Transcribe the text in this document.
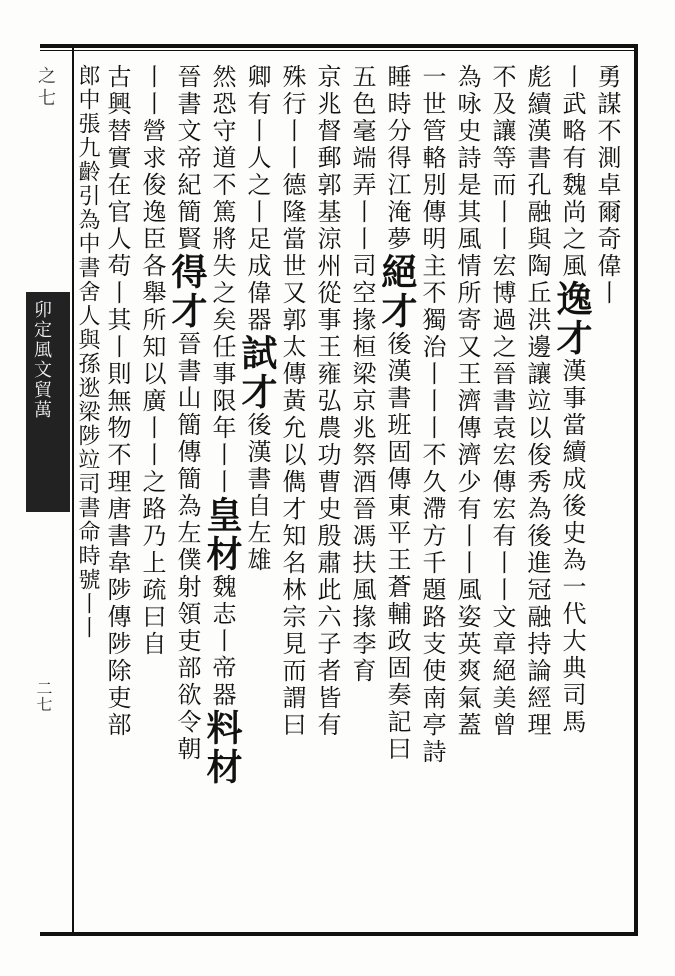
之七
卯定風文貿萬
二七
勇謀不測卓爾奇偉丨
丨武略有魏尚之風逸才漢事當續成後史為一代大典司馬
彪續漢書孔融與陶丘洪邊讓竝以俊秀為後進冠融持論經理
不及讓等而丨丨宏博過之晉書袁宏傳宏有丨丨文章絕美曾
為咏史詩是其風情所寄又王濟傳濟少有丨丨風姿英爽氣蓋
一世管輅別傳明主不獨治丨丨丨不久滯方千題路支使南亭詩
睡時分得江淹夢絕才後漢書班固傳東平王蒼輔政固奏記曰
五色毫端弄丨丨司空掾桓梁京兆祭酒晉馮扶風掾李育
京兆督郵郭基涼州從事王雍弘農功曹史殷肅此六子者皆有
殊行丨丨德隆當世又郭太傳黃允以儁才知名林宗見而謂曰
卿有丨人之丨足成偉器試才後漢書自左雄
然恐守道不篤將失之矣任事限年丨丨皇材魏志丨帝器料材
晉書文帝紀簡賢得才晉書山簡傳簡為左僕射領吏部欲令朝
丨丨營求俊逸臣各舉所知以廣丨丨之路乃上疏曰自
古興替實在官人苟丨其丨則無物不理唐書韋陟傳陟除吏部
郎中張九齡引為中書舍人與孫逖梁陟竝司書命時號丨丨
